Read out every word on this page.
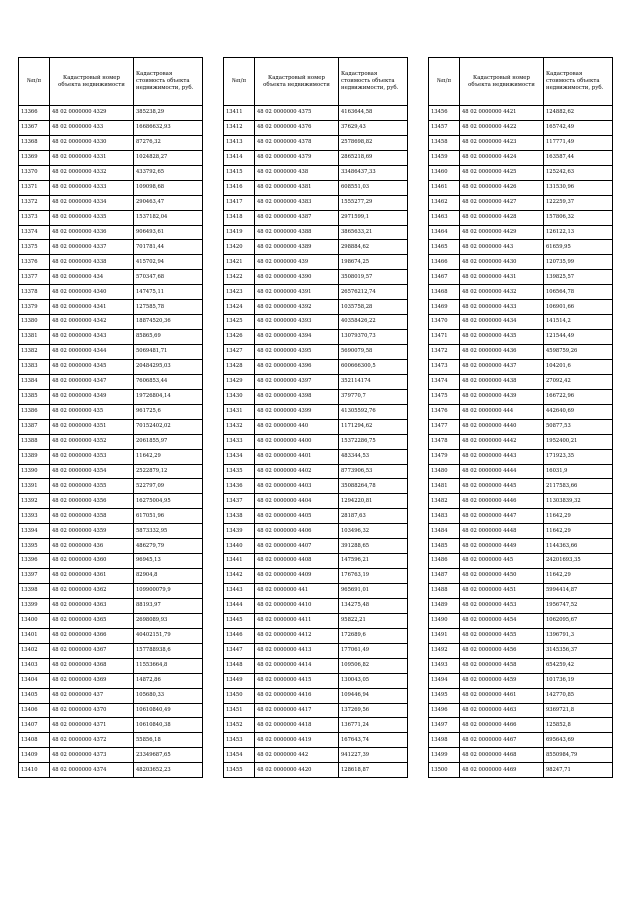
№п/п	Кадастровый номер объекта недвижимости	Кадастровая стоимость объекта недвижимости, руб.
13366	48 02 0000000 4329	385238,29
13367	48 02 0000000 433	16686632,93
13368	48 02 0000000 4330	87276,32
13369	48 02 0000000 4331	1024828,27
13370	48 02 0000000 4332	433792,65
13371	48 02 0000000 4333	109098,68
13372	48 02 0000000 4334	290463,47
13373	48 02 0000000 4335	1537182,04
13374	48 02 0000000 4336	906493,61
13375	48 02 0000000 4337	701781,44
13376	48 02 0000000 4338	415702,94
13377	48 02 0000000 434	570347,68
13378	48 02 0000000 4340	147475,11
13379	48 02 0000000 4341	127585,78
13380	48 02 0000000 4342	18874520,36
13381	48 02 0000000 4343	85865,69
13382	48 02 0000000 4344	5069481,71
13383	48 02 0000000 4345	20484295,03
13384	48 02 0000000 4347	7606853,44
13385	48 02 0000000 4349	19726804,14
13386	48 02 0000000 435	961725,6
13387	48 02 0000000 4351	70152402,02
13388	48 02 0000000 4352	2061855,97
13389	48 02 0000000 4353	11642,29
13390	48 02 0000000 4354	2522879,12
13391	48 02 0000000 4355	522797,09
13392	48 02 0000000 4356	16275004,95
13393	48 02 0000000 4358	617051,96
13394	48 02 0000000 4359	5873332,95
13395	48 02 0000000 436	486279,79
13396	48 02 0000000 4360	96945,13
13397	48 02 0000000 4361	82904,8
13398	48 02 0000000 4362	109900079,9
13399	48 02 0000000 4363	88193,97
13400	48 02 0000000 4365	2698089,93
13401	48 02 0000000 4366	40402151,79
13402	48 02 0000000 4367	157788938,6
13403	48 02 0000000 4368	11553664,8
13404	48 02 0000000 4369	14872,86
13405	48 02 0000000 437	105680,33
13406	48 02 0000000 4370	10610840,49
13407	48 02 0000000 4371	10610840,38
13408	48 02 0000000 4372	55856,18
13409	48 02 0000000 4373	23349687,65
13410	48 02 0000000 4374	48203652,23
№п/п	Кадастровый номер объекта недвижимости	Кадастровая стоимость объекта недвижимости, руб.
13411	48 02 0000000 4375	4163644,58
13412	48 02 0000000 4376	37629,43
13413	48 02 0000000 4378	2578698,82
13414	48 02 0000000 4379	2865218,69
13415	48 02 0000000 438	33486437,33
13416	48 02 0000000 4381	608551,03
13417	48 02 0000000 4383	1555277,29
13418	48 02 0000000 4387	2971599,1
13419	48 02 0000000 4388	3865633,21
13420	48 02 0000000 4389	298884,62
13421	48 02 0000000 439	198674,25
13422	48 02 0000000 4390	3508019,57
13423	48 02 0000000 4391	26576212,74
13424	48 02 0000000 4392	1035758,28
13425	48 02 0000000 4393	40358426,22
13426	48 02 0000000 4394	13079370,73
13427	48 02 0000000 4395	5690079,58
13428	48 02 0000000 4396	600666300,5
13429	48 02 0000000 4397	352114174
13430	48 02 0000000 4398	379770,7
13431	48 02 0000000 4399	41305592,76
13432	48 02 0000000 440	1171294,62
13433	48 02 0000000 4400	15372286,75
13434	48 02 0000000 4401	483344,53
13435	48 02 0000000 4402	8773906,53
13436	48 02 0000000 4403	35088264,78
13437	48 02 0000000 4404	1294220,81
13438	48 02 0000000 4405	28187,63
13439	48 02 0000000 4406	103496,32
13440	48 02 0000000 4407	391288,65
13441	48 02 0000000 4408	147596,21
13442	48 02 0000000 4409	176763,19
13443	48 02 0000000 441	965691,01
13444	48 02 0000000 4410	134275,48
13445	48 02 0000000 4411	95822,21
13446	48 02 0000000 4412	172689,6
13447	48 02 0000000 4413	177061,49
13448	48 02 0000000 4414	109506,82
13449	48 02 0000000 4415	130043,05
13450	48 02 0000000 4416	109446,94
13451	48 02 0000000 4417	137269,56
13452	48 02 0000000 4418	136771,24
13453	48 02 0000000 4419	167643,74
13454	48 02 0000000 442	941227,39
13455	48 02 0000000 4420	128618,87
№п/п	Кадастровый номер объекта недвижимости	Кадастровая стоимость объекта недвижимости, руб.
13456	48 02 0000000 4421	124882,62
13457	48 02 0000000 4422	165742,49
13458	48 02 0000000 4423	117771,49
13459	48 02 0000000 4424	163587,44
13460	48 02 0000000 4425	125242,63
13461	48 02 0000000 4426	131530,96
13462	48 02 0000000 4427	122259,37
13463	48 02 0000000 4428	157806,32
13464	48 02 0000000 4429	126122,13
13465	48 02 0000000 443	61659,95
13466	48 02 0000000 4430	120735,99
13467	48 02 0000000 4431	139825,57
13468	48 02 0000000 4432	106564,78
13469	48 02 0000000 4433	106901,66
13470	48 02 0000000 4434	141514,2
13471	48 02 0000000 4435	121544,49
13472	48 02 0000000 4436	4598759,26
13473	48 02 0000000 4437	104201,6
13474	48 02 0000000 4438	27092,42
13475	48 02 0000000 4439	166722,96
13476	48 02 0000000 444	442640,69
13477	48 02 0000000 4440	50877,53
13478	48 02 0000000 4442	1952400,21
13479	48 02 0000000 4443	171923,35
13480	48 02 0000000 4444	16031,9
13481	48 02 0000000 4445	2117583,66
13482	48 02 0000000 4446	11303839,32
13483	48 02 0000000 4447	11642,29
13484	48 02 0000000 4448	11642,29
13485	48 02 0000000 4449	1144363,66
13486	48 02 0000000 445	24201693,35
13487	48 02 0000000 4450	11642,29
13488	48 02 0000000 4451	5994414,87
13489	48 02 0000000 4453	1956747,52
13490	48 02 0000000 4454	1062095,67
13491	48 02 0000000 4455	1396791,3
13492	48 02 0000000 4456	3145356,37
13493	48 02 0000000 4458	654259,42
13494	48 02 0000000 4459	101736,19
13495	48 02 0000000 4461	142770,85
13496	48 02 0000000 4463	9369721,8
13497	48 02 0000000 4466	125852,8
13498	48 02 0000000 4467	695643,69
13499	48 02 0000000 4468	8550984,79
13500	48 02 0000000 4469	98247,71
